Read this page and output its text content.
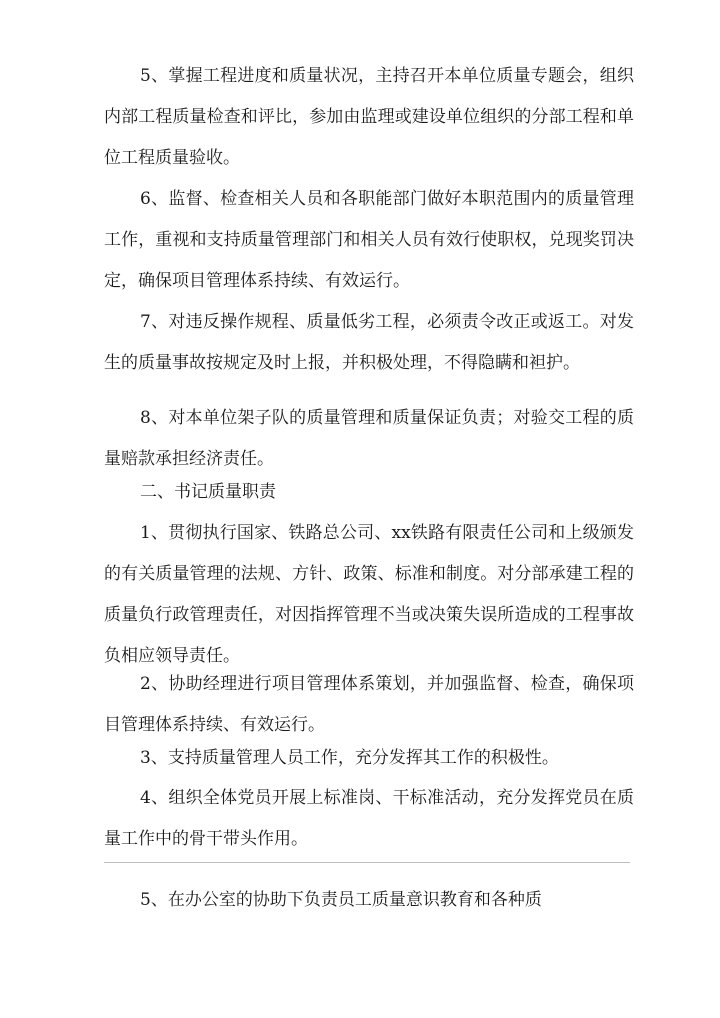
5、掌握工程进度和质量状况，主持召开本单位质量专题会，组织内部工程质量检查和评比，参加由监理或建设单位组织的分部工程和单位工程质量验收。

6、监督、检查相关人员和各职能部门做好本职范围内的质量管理工作，重视和支持质量管理部门和相关人员有效行使职权，兑现奖罚决定，确保项目管理体系持续、有效运行。

7、对违反操作规程、质量低劣工程，必须责令改正或返工。对发生的质量事故按规定及时上报，并积极处理，不得隐瞒和袒护。

8、对本单位架子队的质量管理和质量保证负责；对验交工程的质量赔款承担经济责任。

二、书记质量职责

1、贯彻执行国家、铁路总公司、xx铁路有限责任公司和上级颁发的有关质量管理的法规、方针、政策、标准和制度。对分部承建工程的质量负行政管理责任，对因指挥管理不当或决策失误所造成的工程事故负相应领导责任。

2、协助经理进行项目管理体系策划，并加强监督、检查，确保项目管理体系持续、有效运行。

3、支持质量管理人员工作，充分发挥其工作的积极性。

4、组织全体党员开展上标准岗、干标准活动，充分发挥党员在质量工作中的骨干带头作用。

5、在办公室的协助下负责员工质量意识教育和各种质
